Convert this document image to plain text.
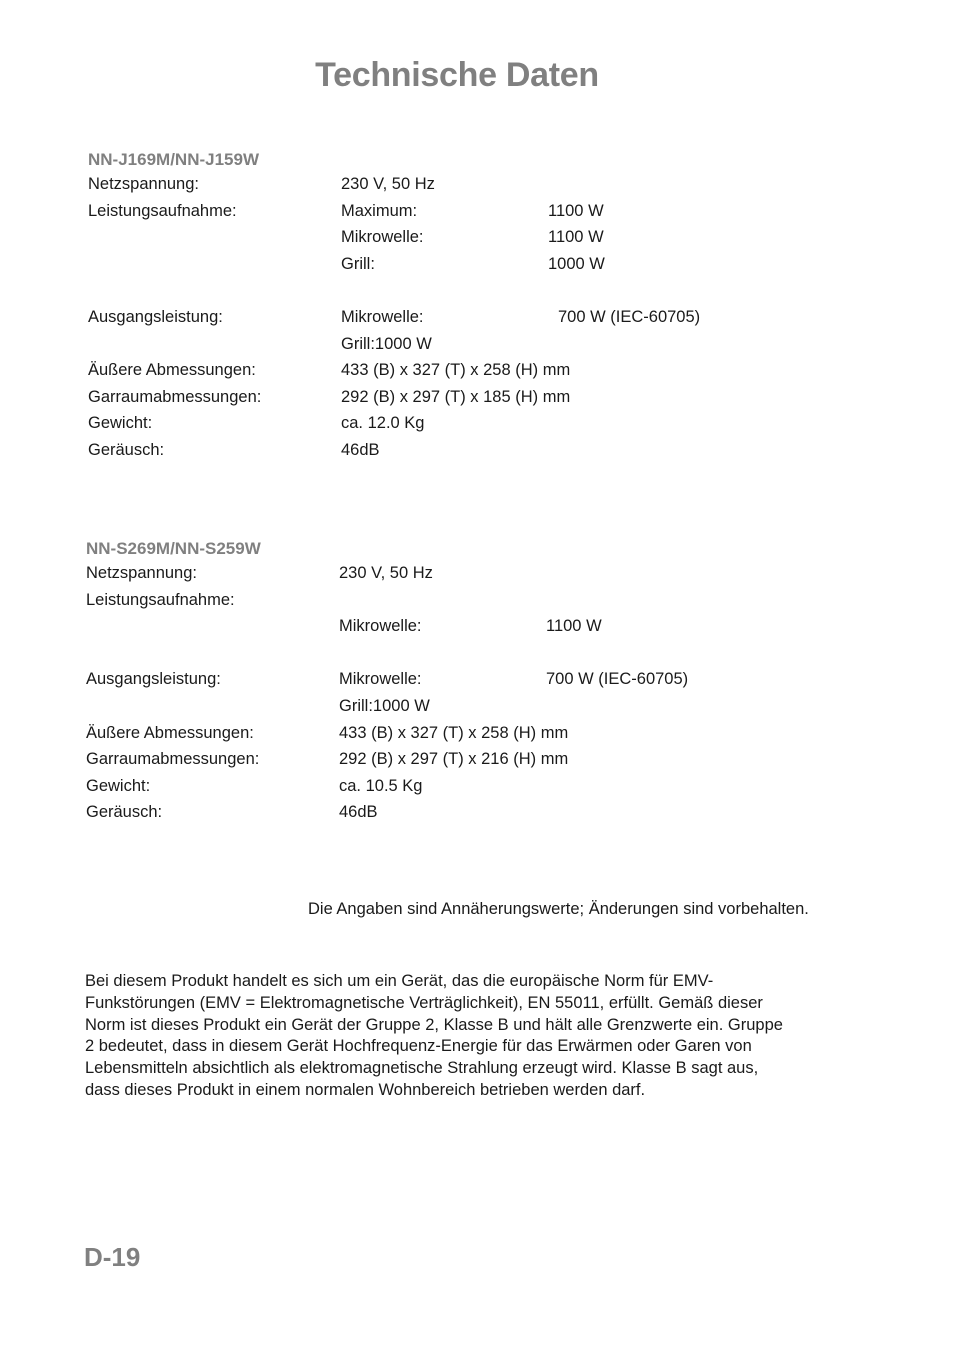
Technische Daten
NN-J169M/NN-J159W
Netzspannung:	230 V, 50 Hz
Leistungsaufnahme:	Maximum:	1100 W
Mikrowelle:	1100 W
Grill:	1000 W
Ausgangsleistung:	Mikrowelle:	700 W (IEC-60705)
Grill:1000 W
Äußere Abmessungen:	433 (B) x 327 (T) x 258 (H) mm
Garraumabmessungen:	292 (B) x 297 (T) x 185 (H) mm
Gewicht:	ca. 12.0 Kg
Geräusch:	46dB
NN-S269M/NN-S259W
Netzspannung:	230 V, 50 Hz
Leistungsaufnahme:
Mikrowelle:	1100 W
Ausgangsleistung:	Mikrowelle:	700 W (IEC-60705)
Grill:1000 W
Äußere Abmessungen:	433 (B) x 327 (T) x 258 (H) mm
Garraumabmessungen:	292 (B) x 297 (T) x 216 (H) mm
Gewicht:	ca. 10.5 Kg
Geräusch:	46dB
Die Angaben sind Annäherungswerte; Änderungen sind vorbehalten.
Bei diesem Produkt handelt es sich um ein Gerät, das die europäische Norm für EMV-
Funkstörungen (EMV = Elektromagnetische Verträglichkeit), EN 55011, erfüllt. Gemäß dieser
Norm ist dieses Produkt ein Gerät der Gruppe 2, Klasse B und hält alle Grenzwerte ein. Gruppe
2 bedeutet, dass in diesem Gerät Hochfrequenz-Energie für das Erwärmen oder Garen von
Lebensmitteln absichtlich als elektromagnetische Strahlung erzeugt wird. Klasse B sagt aus,
dass dieses Produkt in einem normalen Wohnbereich betrieben werden darf.
D-19
